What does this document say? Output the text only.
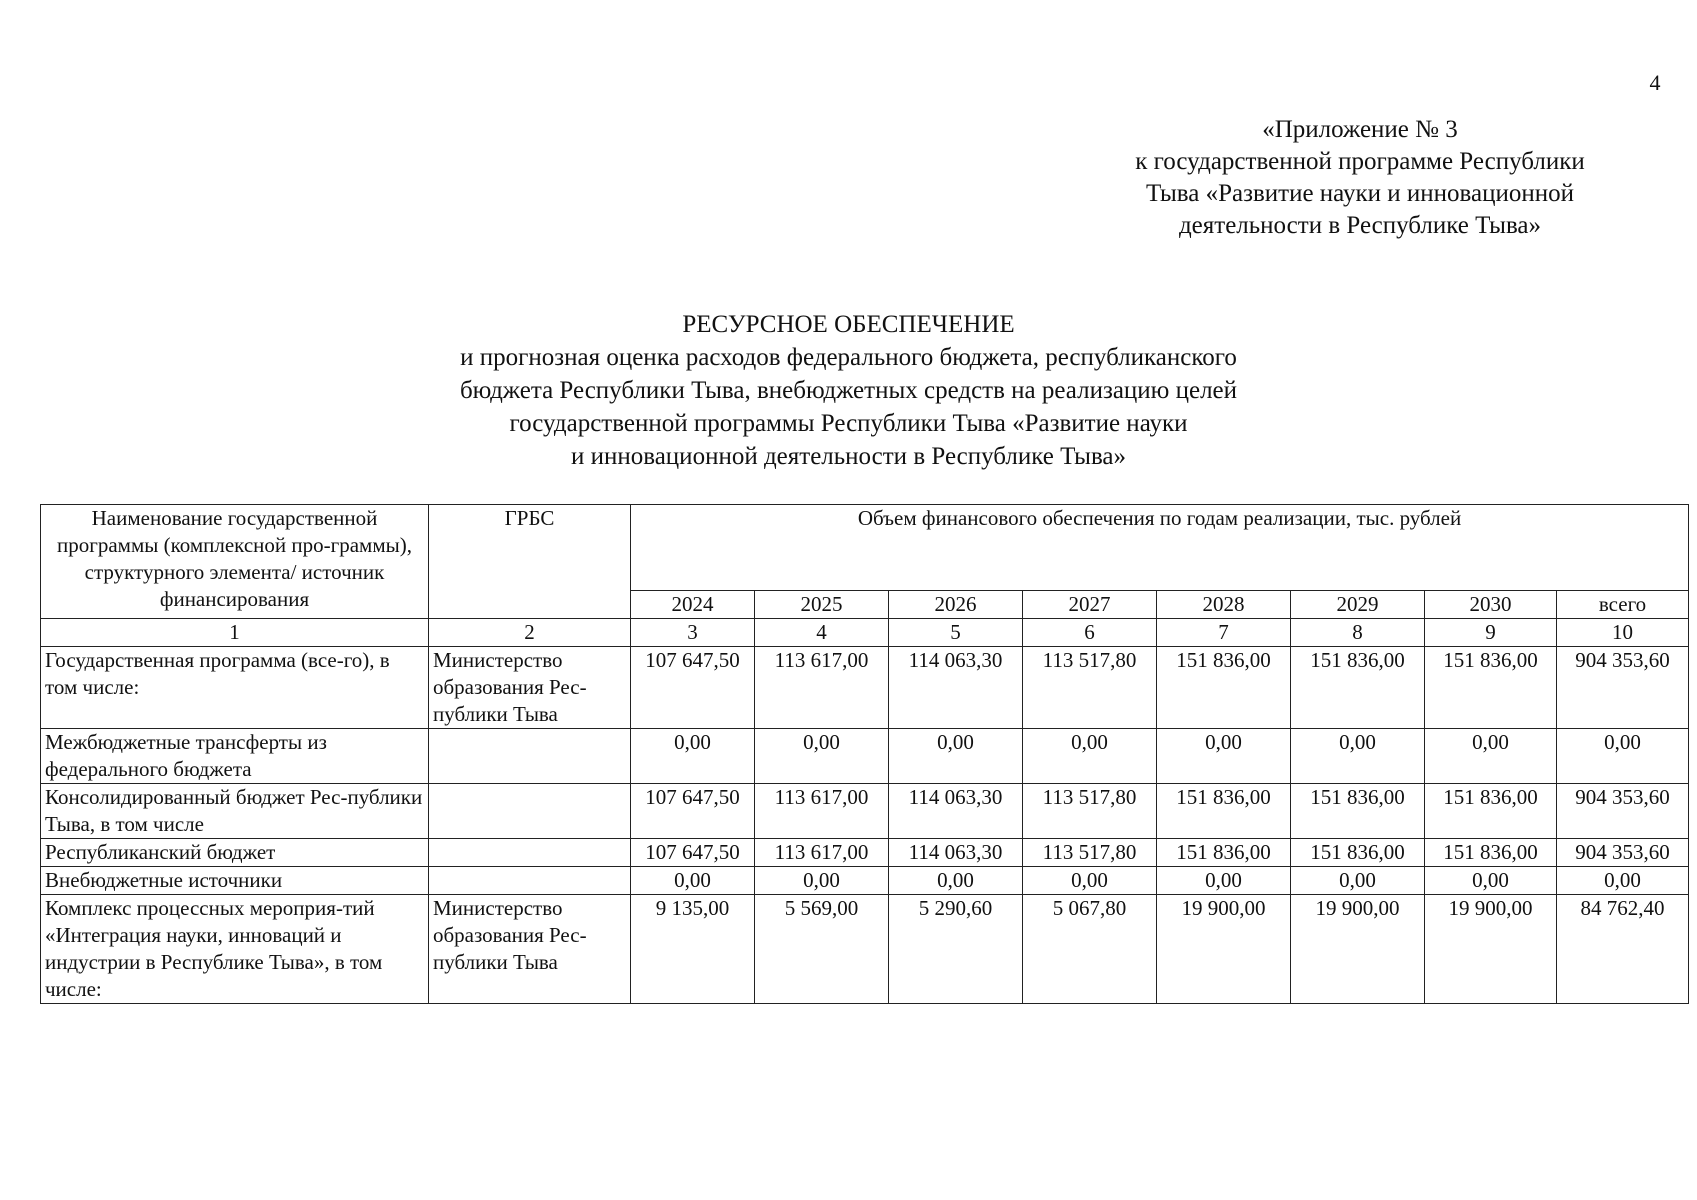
4
«Приложение № 3
к государственной программе Республики
Тыва «Развитие науки и инновационной
деятельности в Республике Тыва»
РЕСУРСНОЕ ОБЕСПЕЧЕНИЕ
и прогнозная оценка расходов федерального бюджета, республиканского
бюджета Республики Тыва, внебюджетных средств на реализацию целей
государственной программы Республики Тыва «Развитие науки
и инновационной деятельности в Республике Тыва»
Наименование государственной программы (комплексной про-граммы), структурного элемента/ источник финансирования	ГРБС	Объем финансового обеспечения по годам реализации, тыс. рублей							
		2024	2025	2026	2027	2028	2029	2030	всего
1	2	3	4	5	6	7	8	9	10
Государственная программа (все-го), в том числе:	Министерство образования Рес-публики Тыва	107 647,50	113 617,00	114 063,30	113 517,80	151 836,00	151 836,00	151 836,00	904 353,60
Межбюджетные трансферты из федерального бюджета		0,00	0,00	0,00	0,00	0,00	0,00	0,00	0,00
Консолидированный бюджет Рес-публики Тыва, в том числе		107 647,50	113 617,00	114 063,30	113 517,80	151 836,00	151 836,00	151 836,00	904 353,60
Республиканский бюджет		107 647,50	113 617,00	114 063,30	113 517,80	151 836,00	151 836,00	151 836,00	904 353,60
Внебюджетные источники		0,00	0,00	0,00	0,00	0,00	0,00	0,00	0,00
Комплекс процессных мероприя-тий «Интеграция науки, инноваций и индустрии в Республике Тыва», в том числе:	Министерство образования Рес-публики Тыва	9 135,00	5 569,00	5 290,60	5 067,80	19 900,00	19 900,00	19 900,00	84 762,40
